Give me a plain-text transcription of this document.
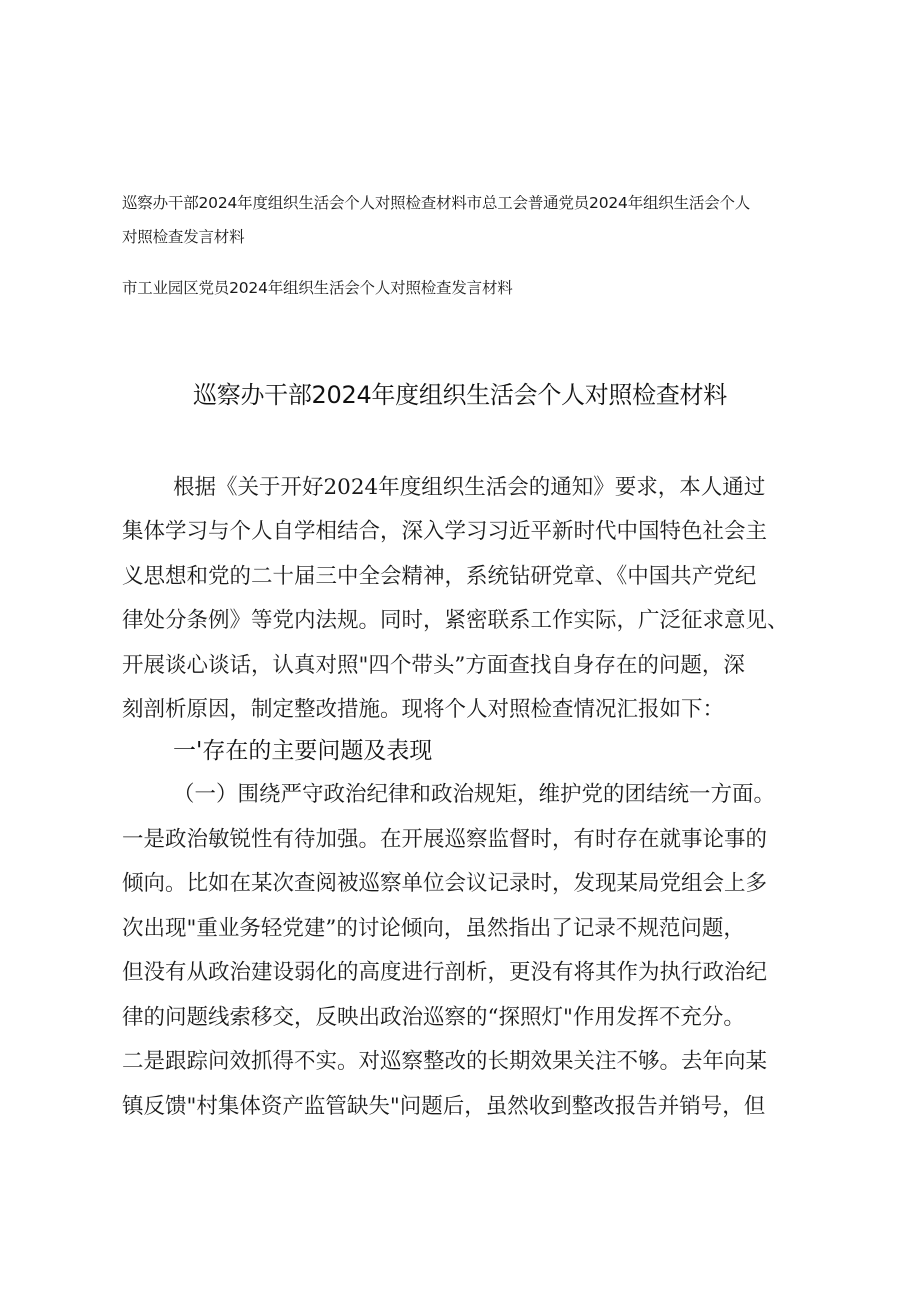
巡察办干部2024年度组织生活会个人对照检查材料市总工会普通党员2024年组织生活会个人
对照检查发言材料
市工业园区党员2024年组织生活会个人对照检查发言材料
巡察办干部2024年度组织生活会个人对照检查材料
根据《关于开好2024年度组织生活会的通知》要求，本人通过
集体学习与个人自学相结合，深入学习习近平新时代中国特色社会主
义思想和党的二十届三中全会精神，系统钻研党章、《中国共产党纪
律处分条例》等党内法规。同时，紧密联系工作实际，广泛征求意见、
开展谈心谈话，认真对照"四个带头”方面查找自身存在的问题，深
刻剖析原因，制定整改措施。现将个人对照检查情况汇报如下：
一'存在的主要问题及表现
（一）围绕严守政治纪律和政治规矩，维护党的团结统一方面。
一是政治敏锐性有待加强。在开展巡察监督时，有时存在就事论事的
倾向。比如在某次查阅被巡察单位会议记录时，发现某局党组会上多
次出现"重业务轻党建”的讨论倾向，虽然指出了记录不规范问题，
但没有从政治建设弱化的高度进行剖析，更没有将其作为执行政治纪
律的问题线索移交，反映出政治巡察的“探照灯"作用发挥不充分。
二是跟踪问效抓得不实。对巡察整改的长期效果关注不够。去年向某
镇反馈"村集体资产监管缺失"问题后，虽然收到整改报告并销号，但
